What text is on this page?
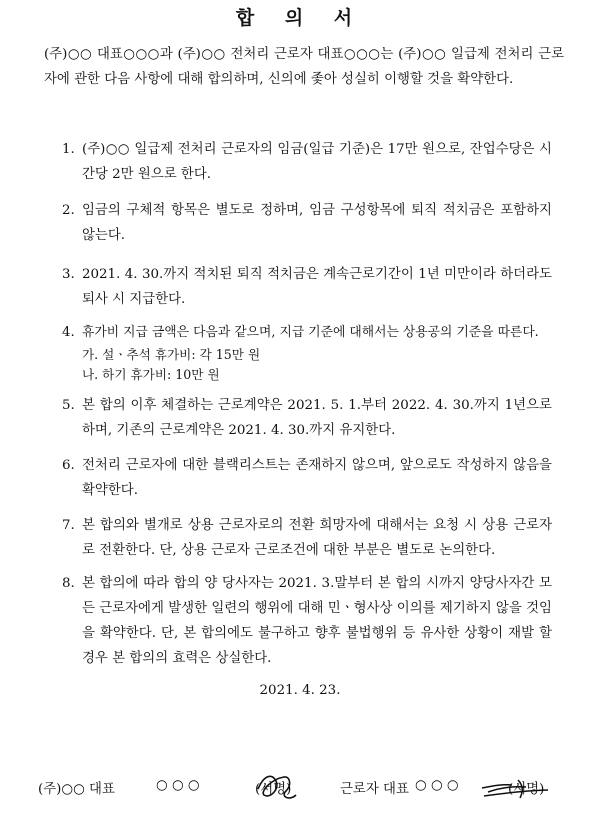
합 의 서
(주)○○ 대표○○○과 (주)○○ 전처리 근로자 대표○○○는 (주)○○ 일급제 전처리 근로자에 관한 다음 사항에 대해 합의하며, 신의에 좇아 성실히 이행할 것을 확약한다.
1. (주)○○ 일급제 전처리 근로자의 임금(일급 기준)은 17만 원으로, 잔업수당은 시간당 2만 원으로 한다.
2. 임금의 구체적 항목은 별도로 정하며, 임금 구성항목에 퇴직 적치금은 포함하지 않는다.
3. 2021. 4. 30.까지 적치된 퇴직 적치금은 계속근로기간이 1년 미만이라 하더라도 퇴사 시 지급한다.
4. 휴가비 지급 금액은 다음과 같으며, 지급 기준에 대해서는 상용공의 기준을 따른다.
가. 설ㆍ추석 휴가비: 각 15만 원
나. 하기 휴가비: 10만 원
5. 본 합의 이후 체결하는 근로계약은 2021. 5. 1.부터 2022. 4. 30.까지 1년으로 하며, 기존의 근로계약은 2021. 4. 30.까지 유지한다.
6. 전처리 근로자에 대한 블랙리스트는 존재하지 않으며, 앞으로도 작성하지 않음을 확약한다.
7. 본 합의와 별개로 상용 근로자로의 전환 희망자에 대해서는 요청 시 상용 근로자로 전환한다. 단, 상용 근로자 근로조건에 대한 부분은 별도로 논의한다.
8. 본 합의에 따라 합의 양 당사자는 2021. 3.말부터 본 합의 시까지 양당사자간 모든 근로자에게 발생한 일련의 행위에 대해 민ㆍ형사상 이의를 제기하지 않을 것임을 확약한다. 단, 본 합의에도 불구하고 향후 불법행위 등 유사한 상황이 재발 할 경우 본 합의의 효력은 상실한다.
2021. 4. 23.
(주)○○ 대표	○ ○ ○	(서명)	근로자 대표 ○ ○ ○	(서명)
